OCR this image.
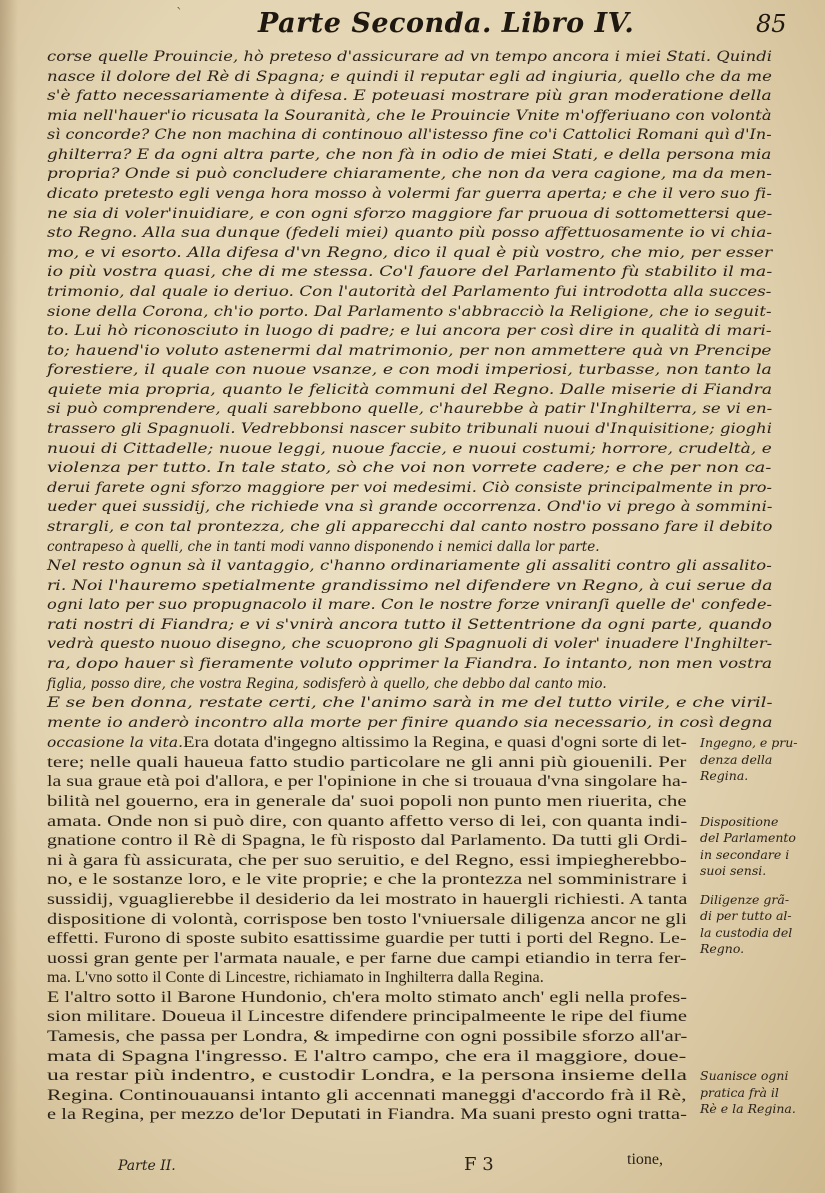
`	Parte Seconda. Libro IV.	85
corse quelle Prouincie, hò preteso d'assicurare ad vn tempo ancora i miei Stati. Quindi
nasce il dolore del Rè di Spagna; e quindi il reputar egli ad ingiuria, quello che da me
s'è fatto necessariamente à difesa. E poteuasi mostrare più gran moderatione della
mia nell'hauer'io ricusata la Souranità, che le Prouincie Vnite m'offeriuano con volontà
sì concorde? Che non machina di continouo all'istesso fine co'i Cattolici Romani quì d'In-
ghilterra? E da ogni altra parte, che non fà in odio de miei Stati, e della persona mia
propria? Onde si può concludere chiaramente, che non da vera cagione, ma da men-
dicato pretesto egli venga hora mosso à volermi far guerra aperta; e che il vero suo fi-
ne sia di voler'inuidiare, e con ogni sforzo maggiore far pruoua di sottomettersi que-
sto Regno. Alla sua dunque (fedeli miei) quanto più posso affettuosamente io vi chia-
mo, e vi esorto. Alla difesa d'vn Regno, dico il qual è più vostro, che mio, per esser
io più vostra quasi, che di me stessa. Co'l fauore del Parlamento fù stabilito il ma-
trimonio, dal quale io deriuo. Con l'autorità del Parlamento fui introdotta alla succes-
sione della Corona, ch'io porto. Dal Parlamento s'abbracciò la Religione, che io seguit-
to. Lui hò riconosciuto in luogo di padre; e lui ancora per così dire in qualità di mari-
to; hauend'io voluto astenermi dal matrimonio, per non ammettere quà vn Prencipe
forestiere, il quale con nuoue vsanze, e con modi imperiosi, turbasse, non tanto la
quiete mia propria, quanto le felicità communi del Regno. Dalle miserie di Fiandra
si può comprendere, quali sarebbono quelle, c'haurebbe à patir l'Inghilterra, se vi en-
trassero gli Spagnuoli. Vedrebbonsi nascer subito tribunali nuoui d'Inquisitione; gioghi
nuoui di Cittadelle; nuoue leggi, nuoue faccie, e nuoui costumi; horrore, crudeltà, e
violenza per tutto. In tale stato, sò che voi non vorrete cadere; e che per non ca-
derui farete ogni sforzo maggiore per voi medesimi. Ciò consiste principalmente in pro-
ueder quei sussidij, che richiede vna sì grande occorrenza. Ond'io vi prego à sommini-
strargli, e con tal prontezza, che gli apparecchi dal canto nostro possano fare il debito
contrapeso à quelli, che in tanti modi vanno disponendo i nemici dalla lor parte.
Nel resto ognun sà il vantaggio, c'hanno ordinariamente gli assaliti contro gli assalito-
ri. Noi l'hauremo spetialmente grandissimo nel difendere vn Regno, à cui serue da
ogni lato per suo propugnacolo il mare. Con le nostre forze vniranſi quelle de' confede-
rati nostri di Fiandra; e vi s'vnirà ancora tutto il Settentrione da ogni parte, quando
vedrà questo nuouo disegno, che scuoprono gli Spagnuoli di voler' inuadere l'Inghilter-
ra, dopo hauer sì fieramente voluto opprimer la Fiandra. Io intanto, non men vostra
figlia, posso dire, che vostra Regina, sodisferò à quello, che debbo dal canto mio.
E se ben donna, restate certi, che l'animo sarà in me del tutto virile, e che viril-
mente io anderò incontro alla morte per finire quando sia necessario, in così degna
occasione la vita.Era dotata d'ingegno altissimo la Regina, e quasi d'ogni sorte di let-
tere; nelle quali haueua fatto studio particolare ne gli anni più giouenili. Per
la sua graue età poi d'allora, e per l'opinione in che si trouaua d'vna singolare ha-
bilità nel gouerno, era in generale da' suoi popoli non punto men riuerita, che
amata. Onde non si può dire, con quanto affetto verso di lei, con quanta indi-
gnatione contro il Rè di Spagna, le fù risposto dal Parlamento. Da tutti gli Ordi-
ni à gara fù assicurata, che per suo seruitio, e del Regno, essi impiegherebbo-
no, e le sostanze loro, e le vite proprie; e che la prontezza nel somministrare i
sussidij, vguaglierebbe il desiderio da lei mostrato in hauergli richiesti. A tanta
dispositione di volontà, corrispose ben tosto l'vniuersale diligenza ancor ne gli
effetti. Furono di sposte subito esattissime guardie per tutti i porti del Regno. Le-
uossi gran gente per l'armata nauale, e per farne due campi etiandio in terra fer-
ma. L'vno sotto il Conte di Lincestre, richiamato in Inghilterra dalla Regina.
E l'altro sotto il Barone Hundonio, ch'era molto stimato anch' egli nella profes-
sion militare. Doueua il Lincestre difendere principalmeente le ripe del fiume
Tamesis, che passa per Londra, & impedirne con ogni possibile sforzo all'ar-
mata di Spagna l'ingresso. E l'altro campo, che era il maggiore, doue-
ua restar più indentro, e custodir Londra, e la persona insieme della
Regina. Continouauansi intanto gli accennati maneggi d'accordo frà il Rè,
e la Regina, per mezzo de'lor Deputati in Fiandra. Ma suani presto ogni tratta-
Ingegno, e pru-
denza della
Regina.
Dispositione
del Parlamento
in secondare i
suoi sensi.
Diligenze grã-
di per tutto al-
la custodia del
Regno.
Suanisce ogni
pratica frà il
Rè e la Regina.
Parte II.	F 3	tione,
